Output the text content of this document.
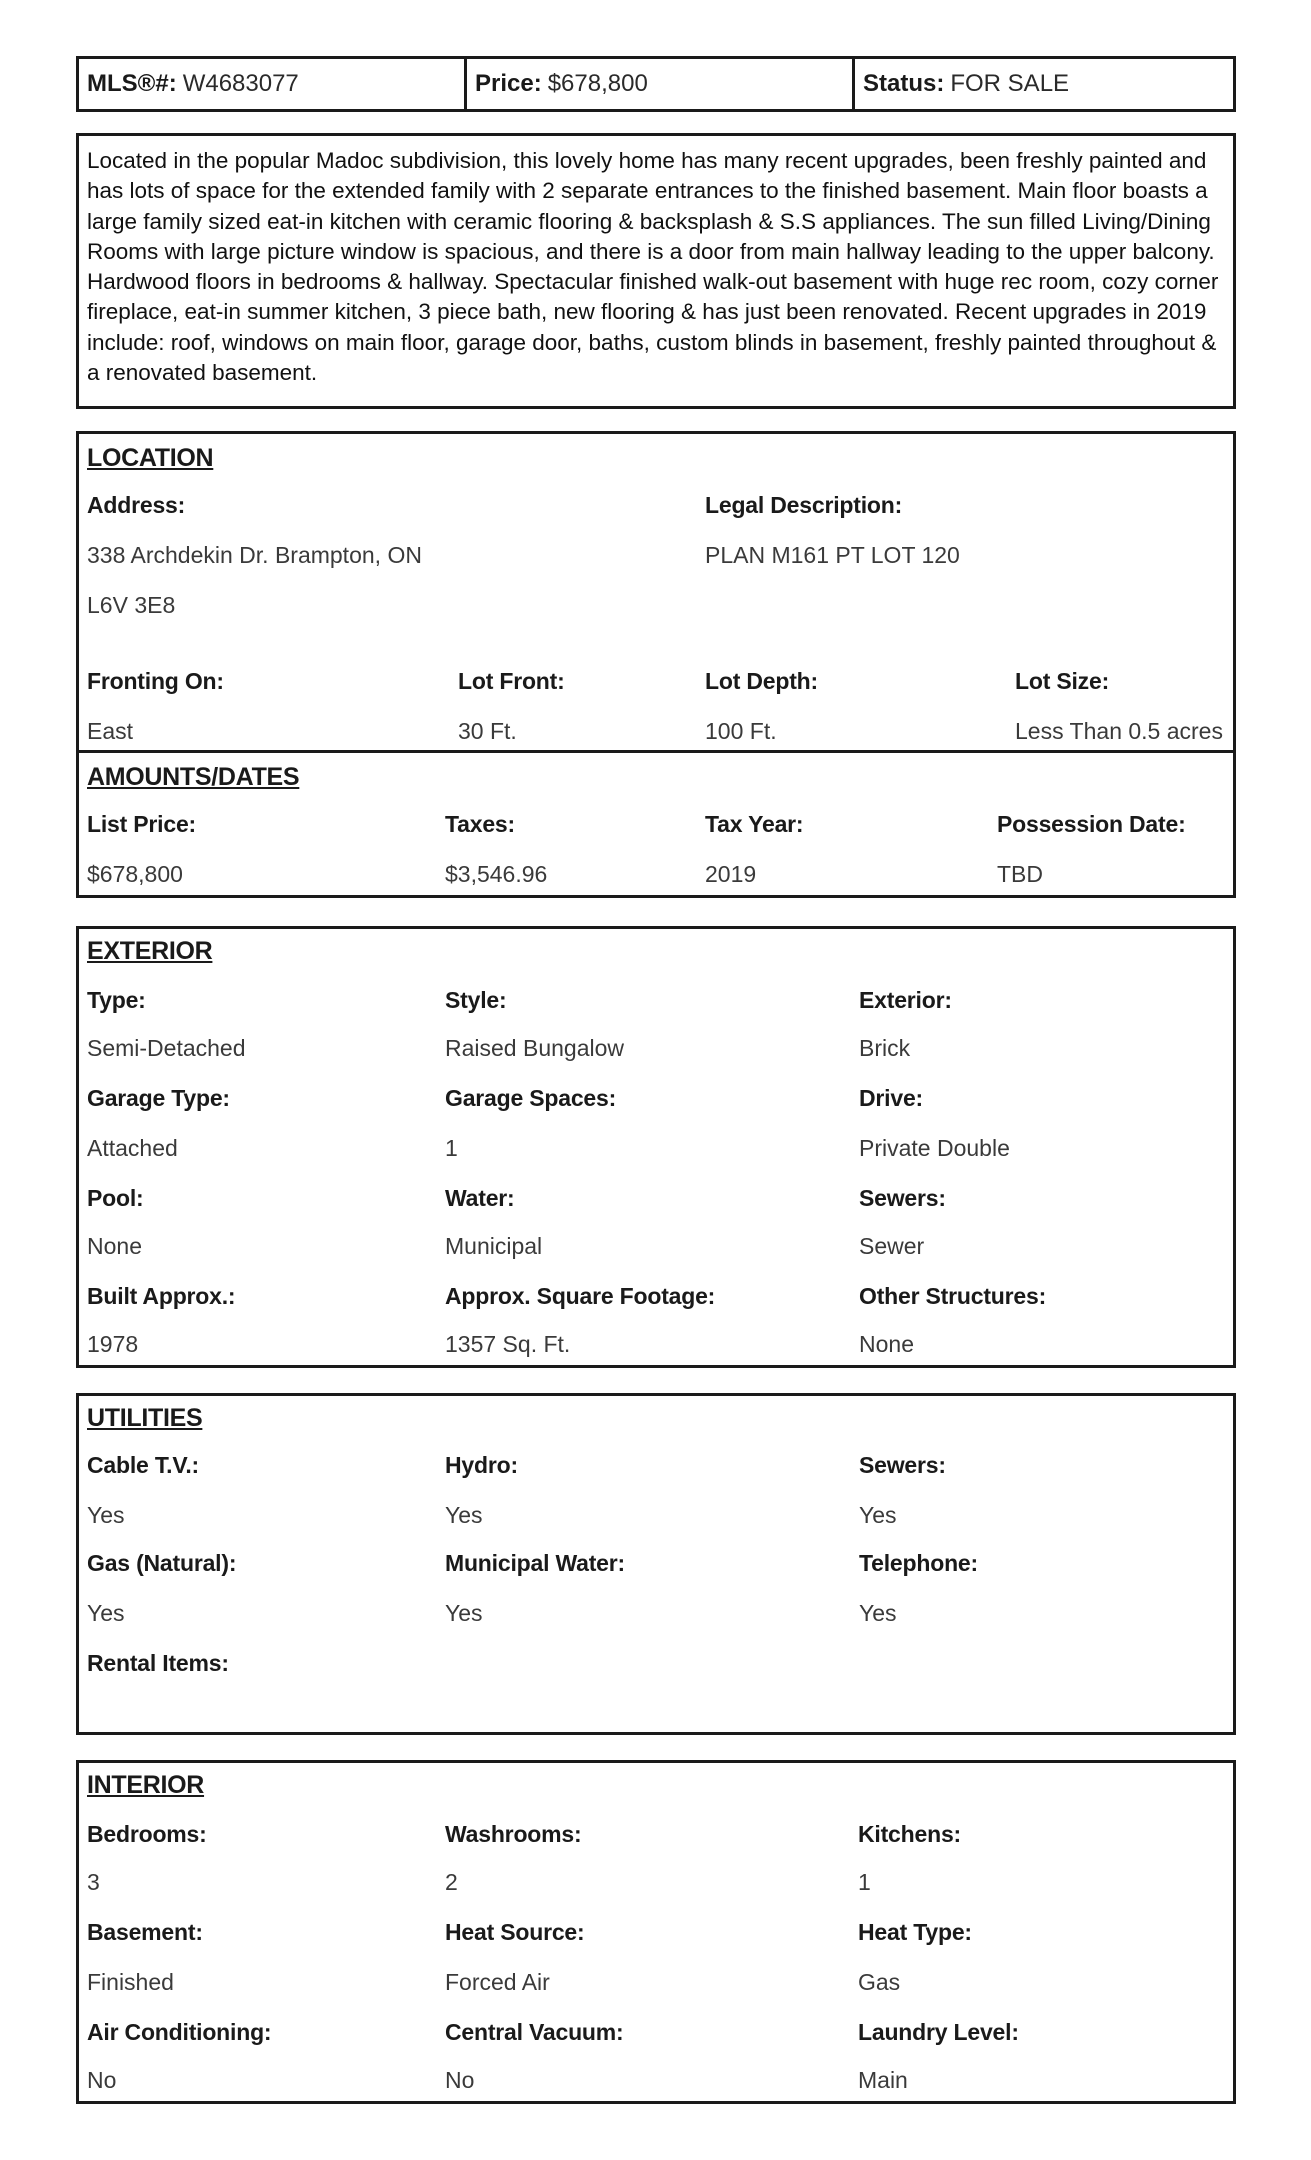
MLS®#: W4683077	Price: $678,800	Status: FOR SALE
Located in the popular Madoc subdivision, this lovely home has many recent upgrades, been freshly painted and has lots of space for the extended family with 2 separate entrances to the finished basement. Main floor boasts a large family sized eat-in kitchen with ceramic flooring & backsplash & S.S appliances. The sun filled Living/Dining Rooms with large picture window is spacious, and there is a door from main hallway leading to the upper balcony. Hardwood floors in bedrooms & hallway. Spectacular finished walk-out basement with huge rec room, cozy corner fireplace, eat-in summer kitchen, 3 piece bath, new flooring & has just been renovated. Recent upgrades in 2019 include: roof, windows on main floor, garage door, baths, custom blinds in basement, freshly painted throughout & a renovated basement.
LOCATION
Address:
338 Archdekin Dr. Brampton, ON
L6V 3E8
Legal Description:
PLAN M161 PT LOT 120
Fronting On:
East
Lot Front:
30 Ft.
Lot Depth:
100 Ft.
Lot Size:
Less Than 0.5 acres
AMOUNTS/DATES
List Price:
$678,800
Taxes:
$3,546.96
Tax Year:
2019
Possession Date:
TBD
EXTERIOR
Type:
Semi-Detached
Style:
Raised Bungalow
Exterior:
Brick
Garage Type:
Attached
Garage Spaces:
1
Drive:
Private Double
Pool:
None
Water:
Municipal
Sewers:
Sewer
Built Approx.:
1978
Approx. Square Footage:
1357 Sq. Ft.
Other Structures:
None
UTILITIES
Cable T.V.:
Yes
Hydro:
Yes
Sewers:
Yes
Gas (Natural):
Yes
Municipal Water:
Yes
Telephone:
Yes
Rental Items:
INTERIOR
Bedrooms:
3
Washrooms:
2
Kitchens:
1
Basement:
Finished
Heat Source:
Forced Air
Heat Type:
Gas
Air Conditioning:
No
Central Vacuum:
No
Laundry Level:
Main
